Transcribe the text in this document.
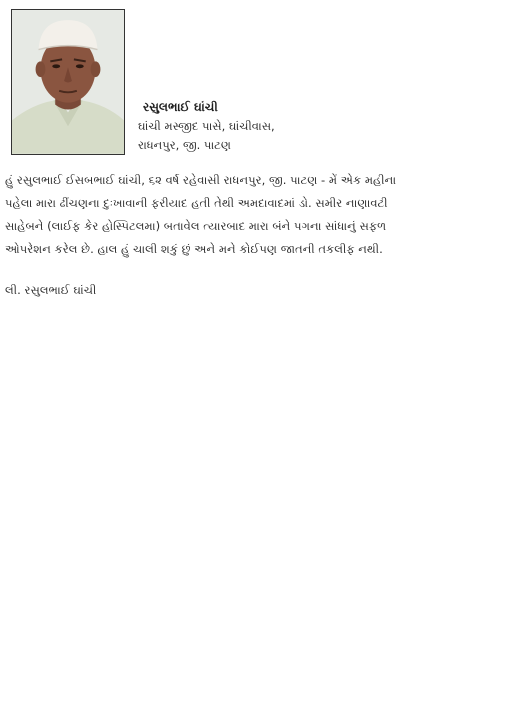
રસુલભાઈ ઘાંચી

ઘાંચી મસ્જીદ પાસે, ઘાંચીવાસ,

રાધનપુર, જી. પાટણ

હું રસુલભાઈ ઈસબભાઈ ઘાંચી, ૬૨ વર્ષ રહેવાસી રાધનપુર, જી. પાટણ - મેં એક મહીના
પહેલા મારા ઢીંચણના દુઃખાવાની ફરીયાદ હતી તેથી અમદાવાદમાં ડો. સમીર નાણાવટી
સાહેબને (લાઈફ કેર હોસ્પિટલમા) બતાવેલ ત્યારબાદ મારા બંને પગના સાંધાનું સફળ
ઓપરેશન કરેલ છે. હાલ હું ચાલી શકું છું અને મને કોઈપણ જાતની તકલીફ નથી.

લી. રસુલભાઈ ઘાંચી
